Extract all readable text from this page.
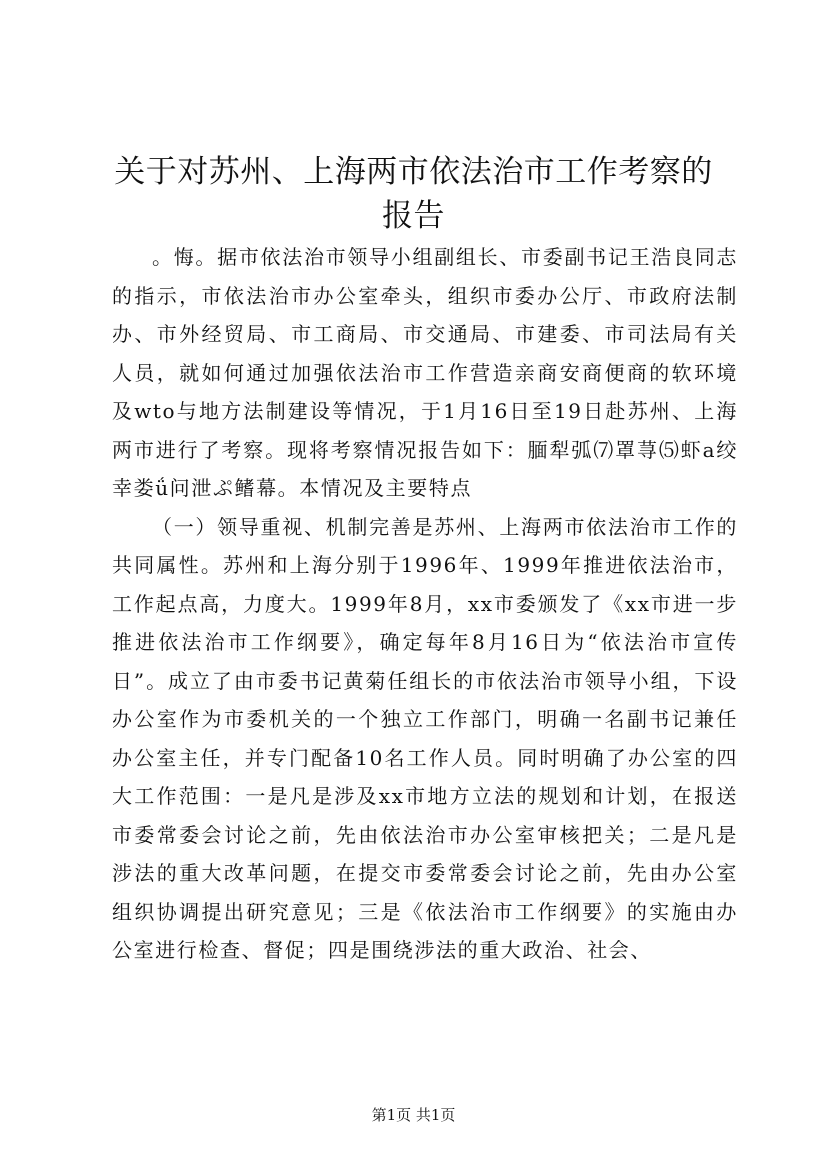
关于对苏州、上海两市依法治市工作考察的报告

。悔。据市依法治市领导小组副组长、市委副书记王浩良同志的指示，市依法治市办公室牵头，组织市委办公厅、市政府法制办、市外经贸局、市工商局、市交通局、市建委、市司法局有关人员，就如何通过加强依法治市工作营造亲商安商便商的软环境及wto与地方法制建设等情况，于1月16日至19日赴苏州、上海两市进行了考察。现将考察情况报告如下：腼犁弧⑺罩荨⑸虾a绞幸娄ǘ问泄ぷ鳍幕。本情况及主要特点

（一）领导重视、机制完善是苏州、上海两市依法治市工作的共同属性。苏州和上海分别于1996年、1999年推进依法治市，工作起点高，力度大。1999年8月，xx市委颁发了《xx市进一步推进依法治市工作纲要》，确定每年8月16日为“依法治市宣传日”。成立了由市委书记黄菊任组长的市依法治市领导小组，下设办公室作为市委机关的一个独立工作部门，明确一名副书记兼任办公室主任，并专门配备10名工作人员。同时明确了办公室的四大工作范围：一是凡是涉及xx市地方立法的规划和计划，在报送市委常委会讨论之前，先由依法治市办公室审核把关；二是凡是涉法的重大改革问题，在提交市委常委会讨论之前，先由办公室组织协调提出研究意见；三是《依法治市工作纲要》的实施由办公室进行检查、督促；四是围绕涉法的重大政治、社会、

第1页 共1页
